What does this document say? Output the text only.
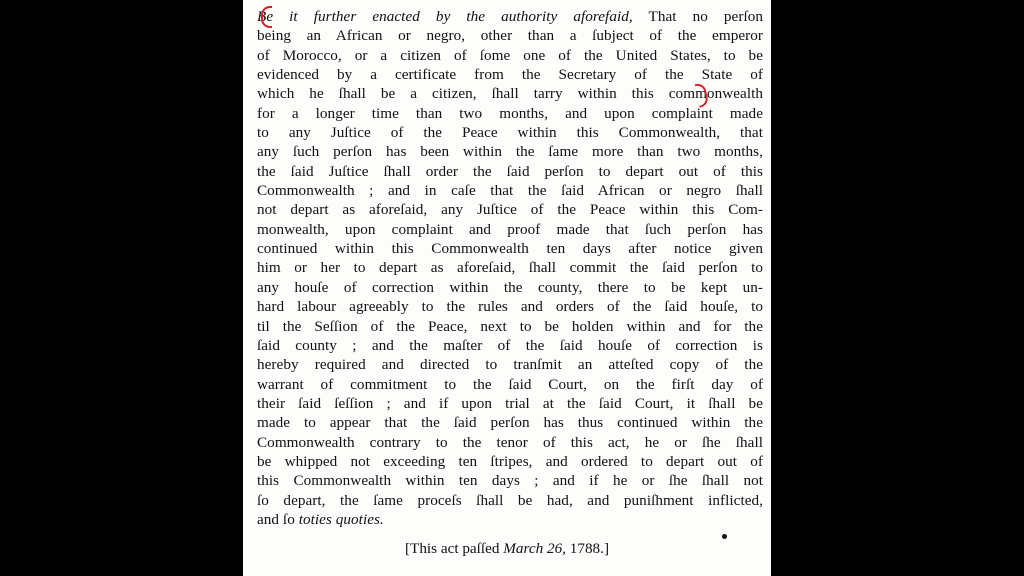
Be it further enacted by the authority aforefaid, That no perſon
being an African or negro, other than a ſubject of the emperor
of Morocco, or a citizen of ſome one of the United States, to be
evidenced by a certificate from the Secretary of the State of
which he ſhall be a citizen, ſhall tarry within this commonwealth
for a longer time than two months, and upon complaint made
to any Juſtice of the Peace within this Commonwealth, that
any ſuch perſon has been within the ſame more than two months,
the ſaid Juſtice ſhall order the ſaid perſon to depart out of this
Commonwealth ; and in caſe that the ſaid African or negro ſhall
not depart as aforeſaid, any Juſtice of the Peace within this Com-
monwealth, upon complaint and proof made that ſuch perſon has
continued within this Commonwealth ten days after notice given
him or her to depart as aforeſaid, ſhall commit the ſaid perſon to
any houſe of correction within the county, there to be kept un-
hard labour agreeably to the rules and orders of the ſaid houſe, to
til the Seſſion of the Peace, next to be holden within and for the
ſaid county ; and the maſter of the ſaid houſe of correction is
hereby required and directed to tranſmit an atteſted copy of the
warrant of commitment to the ſaid Court, on the firſt day of
their ſaid ſeſſion ; and if upon trial at the ſaid Court, it ſhall be
made to appear that the ſaid perſon has thus continued within the
Commonwealth contrary to the tenor of this act, he or ſhe ſhall
be whipped not exceeding ten ſtripes, and ordered to depart out of
this Commonwealth within ten days ; and if he or ſhe ſhall not
ſo depart, the ſame proceſs ſhall be had, and puniſhment inflicted,
and ſo toties quoties.

[This act paſſed March 26, 1788.]
